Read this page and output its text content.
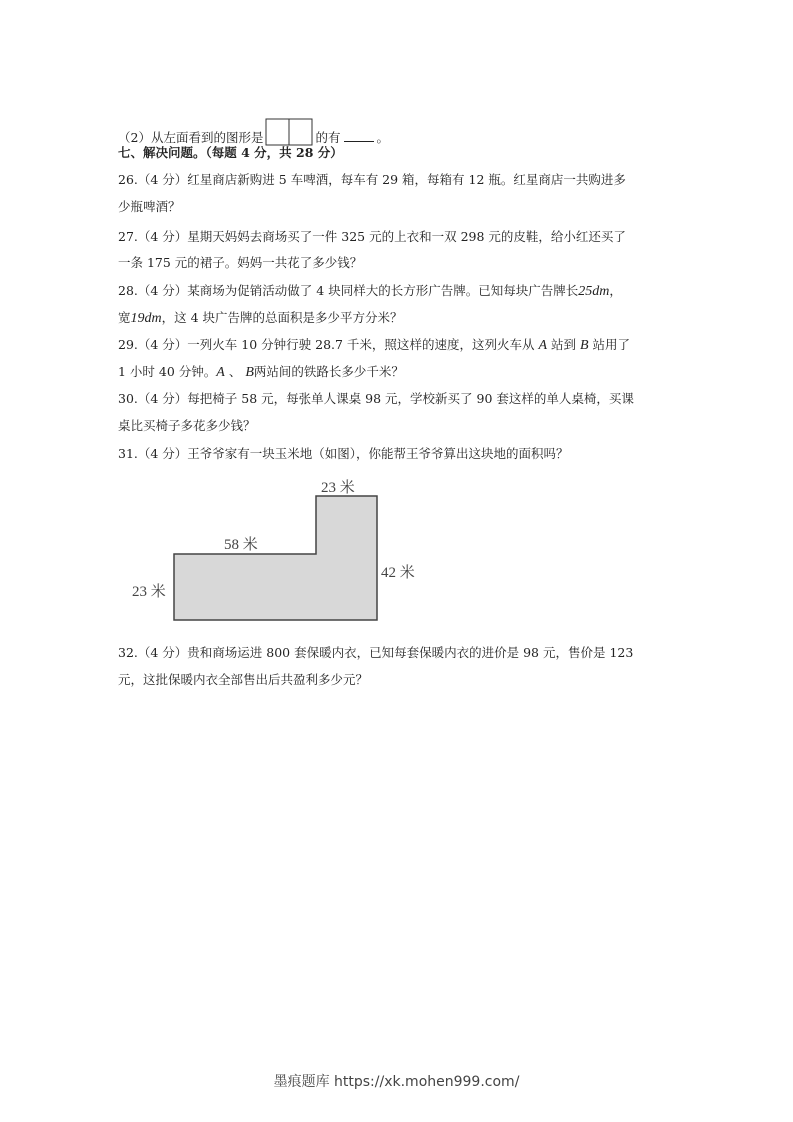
（2）从左面看到的图形是	的有	。
七、解决问题。（每题 4 分，共 28 分）
26.（4 分）红星商店新购进 5 车啤酒，每车有 29 箱，每箱有 12 瓶。红星商店一共购进多
少瓶啤酒？
27.（4 分）星期天妈妈去商场买了一件 325 元的上衣和一双 298 元的皮鞋，给小红还买了
一条 175 元的裙子。妈妈一共花了多少钱？
28.（4 分）某商场为促销活动做了 4 块同样大的长方形广告牌。已知每块广告牌长25dm，
宽19dm，这 4 块广告牌的总面积是多少平方分米？
29.（4 分）一列火车 10 分钟行驶 28.7 千米，照这样的速度，这列火车从 A 站到 B 站用了
1 小时 40 分钟。A 、 B两站间的铁路长多少千米？
30.（4 分）每把椅子 58 元，每张单人课桌 98 元，学校新买了 90 套这样的单人桌椅，买课
桌比买椅子多花多少钱？
31.（4 分）王爷爷家有一块玉米地（如图），你能帮王爷爷算出这块地的面积吗？
23 米
58 米
42 米
23 米
32.（4 分）贵和商场运进 800 套保暖内衣，已知每套保暖内衣的进价是 98 元，售价是 123
元，这批保暖内衣全部售出后共盈利多少元？
墨痕题库 https://xk.mohen999.com/
